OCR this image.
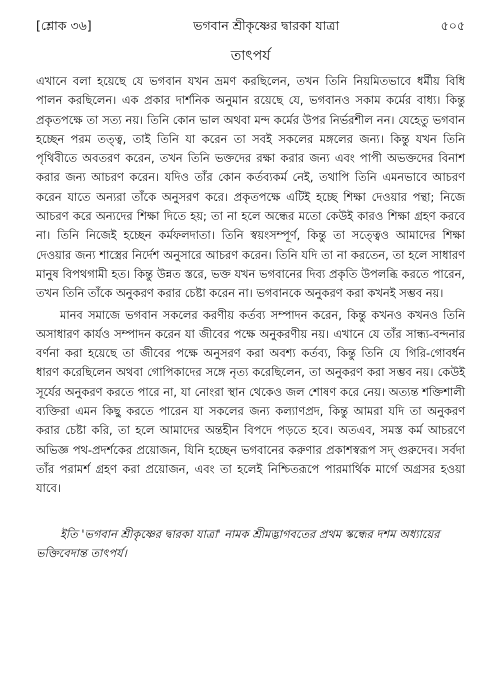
[শ্লোক ৩৬]	ভগবান শ্রীকৃষ্ণের দ্বারকা যাত্রা	৫০৫
তাৎপর্য

এখানে বলা হয়েছে যে ভগবান যখন ভ্রমণ করছিলেন, তখন তিনি নিয়মিতভাবে ধর্মীয় বিধি পালন করছিলেন। এক প্রকার দার্শনিক অনুমান রয়েছে যে, ভগবানও সকাম কর্মের বাধ্য। কিন্তু প্রকৃতপক্ষে তা সত্য নয়। তিনি কোন ভাল অথবা মন্দ কর্মের উপর নির্ভরশীল নন। যেহেতু ভগবান হচ্ছেন পরম তত্ত্ব, তাই তিনি যা করেন তা সবই সকলের মঙ্গলের জন্য। কিন্তু যখন তিনি পৃথিবীতে অবতরণ করেন, তখন তিনি ভক্তদের রক্ষা করার জন্য এবং পাপী অভক্তদের বিনাশ করার জন্য আচরণ করেন। যদিও তাঁর কোন কর্তব্যকর্ম নেই, তথাপি তিনি এমনভাবে আচরণ করেন যাতে অন্যরা তাঁকে অনুসরণ করে। প্রকৃতপক্ষে এটিই হচ্ছে শিক্ষা দেওয়ার পন্থা; নিজে আচরণ করে অন্যদের শিক্ষা দিতে হয়; তা না হলে অন্ধের মতো কেউই কারও শিক্ষা গ্রহণ করবে না। তিনি নিজেই হচ্ছেন কর্মফলদাতা। তিনি স্বয়ংসম্পূর্ণ, কিন্তু তা সত্ত্বেও আমাদের শিক্ষা দেওয়ার জন্য শাস্ত্রের নির্দেশ অনুসারে আচরণ করেন। তিনি যদি তা না করতেন, তা হলে সাধারণ মানুষ বিপথগামী হত। কিন্তু উন্নত স্তরে, ভক্ত যখন ভগবানের দিব্য প্রকৃতি উপলব্ধি করতে পারেন, তখন তিনি তাঁকে অনুকরণ করার চেষ্টা করেন না। ভগবানকে অনুকরণ করা কখনই সম্ভব নয়।

মানব সমাজে ভগবান সকলের করণীয় কর্তব্য সম্পাদন করেন, কিন্তু কখনও কখনও তিনি অসাধারণ কার্যও সম্পাদন করেন যা জীবের পক্ষে অনুকরণীয় নয়। এখানে যে তাঁর সান্ধ্য-বন্দনার বর্ণনা করা হয়েছে তা জীবের পক্ষে অনুসরণ করা অবশ্য কর্তব্য, কিন্তু তিনি যে গিরি-গোবর্ধন ধারণ করেছিলেন অথবা গোপিকাদের সঙ্গে নৃত্য করেছিলেন, তা অনুকরণ করা সম্ভব নয়। কেউই সূর্যের অনুকরণ করতে পারে না, যা নোংরা স্থান থেকেও জল শোষণ করে নেয়। অত্যন্ত শক্তিশালী ব্যক্তিরা এমন কিছু করতে পারেন যা সকলের জন্য কল্যাণপ্রদ, কিন্তু আমরা যদি তা অনুকরণ করার চেষ্টা করি, তা হলে আমাদের অন্তহীন বিপদে পড়তে হবে। অতএব, সমস্ত কর্ম আচরণে অভিজ্ঞ পথ-প্রদর্শকের প্রয়োজন, যিনি হচ্ছেন ভগবানের করুণার প্রকাশস্বরূপ সদ্‌ গুরুদেব। সর্বদা তাঁর পরামর্শ গ্রহণ করা প্রয়োজন, এবং তা হলেই নিশ্চিতরূপে পারমার্থিক মার্গে অগ্রসর হওয়া যাবে।

ইতি 'ভগবান শ্রীকৃষ্ণের দ্বারকা যাত্রা' নামক শ্রীমদ্ভাগবতের প্রথম স্কন্ধের দশম অধ্যায়ের ভক্তিবেদান্ত তাৎপর্য।
